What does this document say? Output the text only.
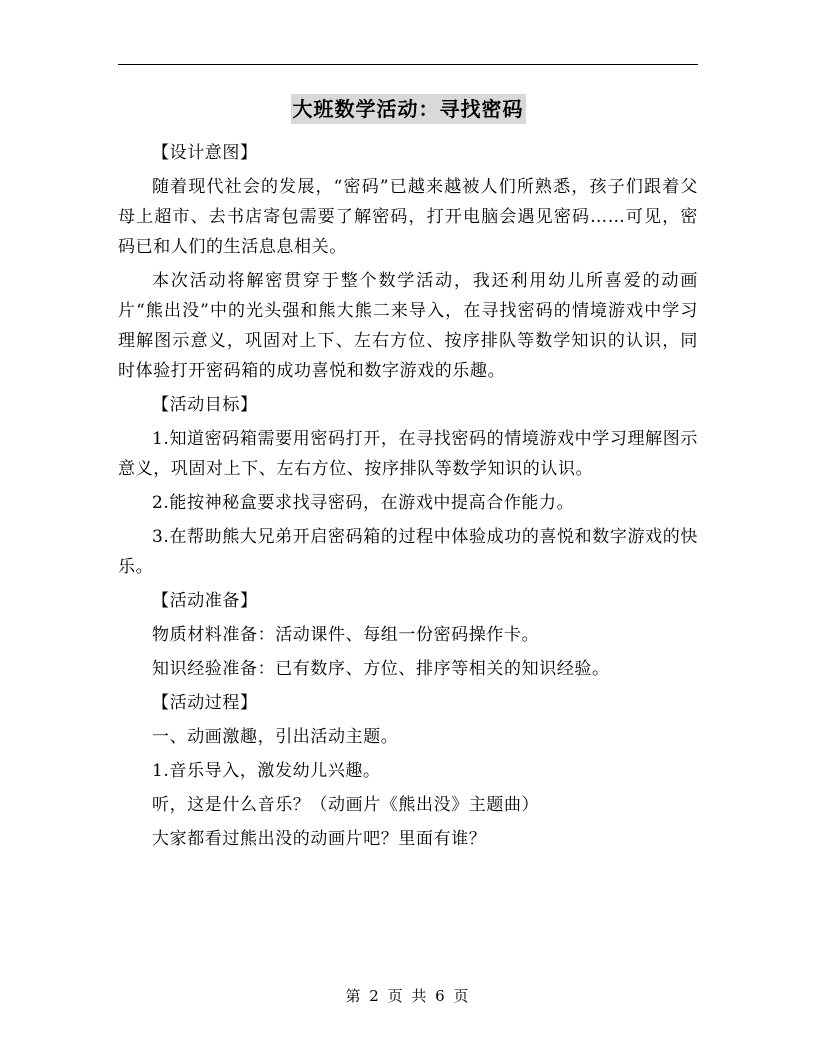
大班数学活动：寻找密码

【设计意图】

随着现代社会的发展，“密码”已越来越被人们所熟悉，孩子们跟着父母上超市、去书店寄包需要了解密码，打开电脑会遇见密码……可见，密码已和人们的生活息息相关。

本次活动将解密贯穿于整个数学活动，我还利用幼儿所喜爱的动画片“熊出没”中的光头强和熊大熊二来导入，在寻找密码的情境游戏中学习理解图示意义，巩固对上下、左右方位、按序排队等数学知识的认识，同时体验打开密码箱的成功喜悦和数字游戏的乐趣。

【活动目标】

1.知道密码箱需要用密码打开，在寻找密码的情境游戏中学习理解图示意义，巩固对上下、左右方位、按序排队等数学知识的认识。

2.能按神秘盒要求找寻密码，在游戏中提高合作能力。

3.在帮助熊大兄弟开启密码箱的过程中体验成功的喜悦和数字游戏的快乐。

【活动准备】

物质材料准备：活动课件、每组一份密码操作卡。

知识经验准备：已有数序、方位、排序等相关的知识经验。

【活动过程】

一、动画激趣，引出活动主题。

1.音乐导入，激发幼儿兴趣。

听，这是什么音乐？（动画片《熊出没》主题曲）

大家都看过熊出没的动画片吧？里面有谁？

第 2 页 共 6 页
